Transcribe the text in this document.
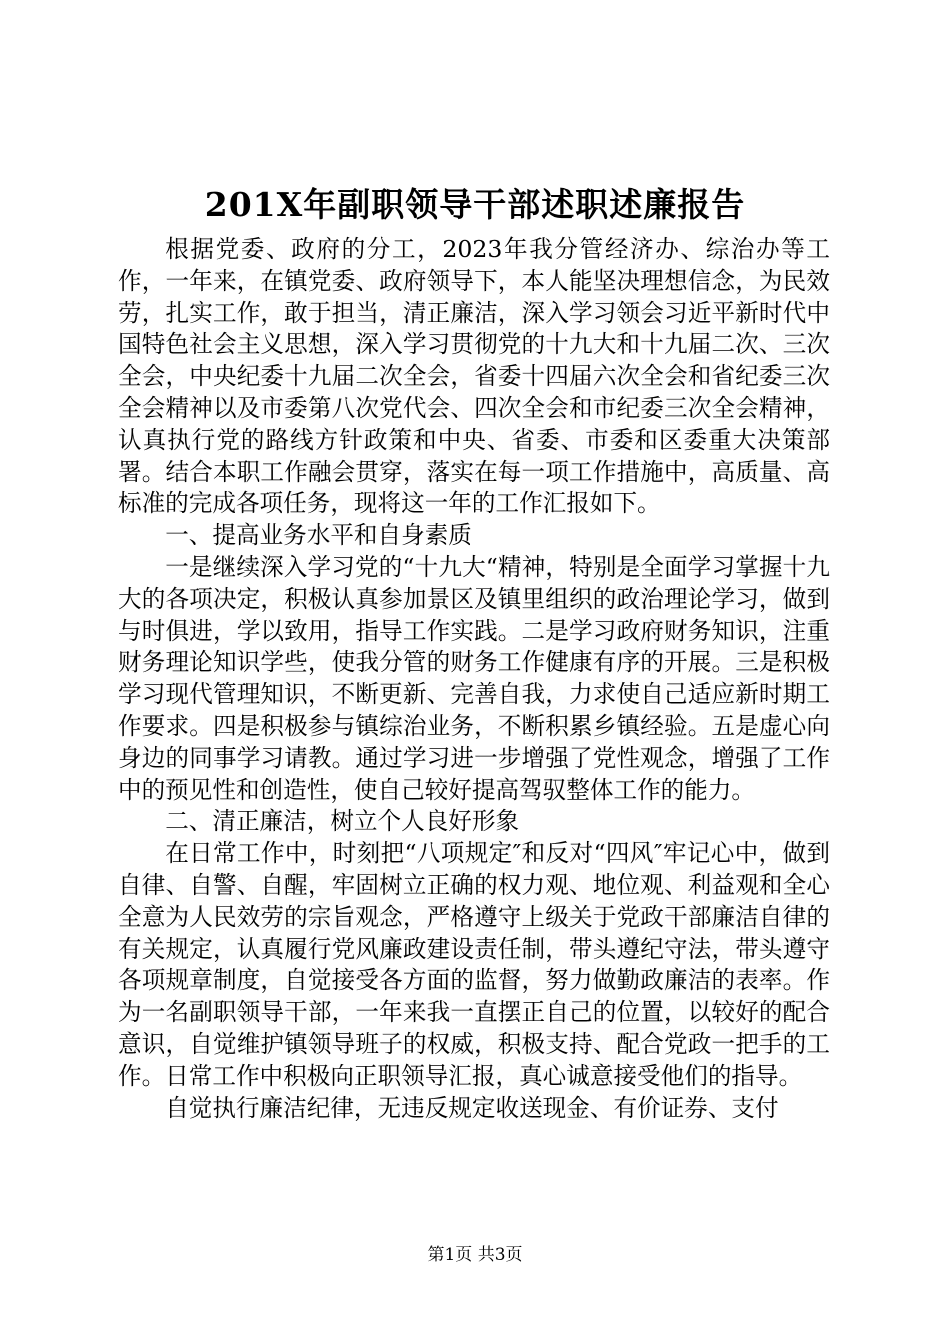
201X年副职领导干部述职述廉报告

根据党委、政府的分工，2023年我分管经济办、综治办等工作，一年来，在镇党委、政府领导下，本人能坚决理想信念，为民效劳，扎实工作，敢于担当，清正廉洁，深入学习领会习近平新时代中国特色社会主义思想，深入学习贯彻党的十九大和十九届二次、三次全会，中央纪委十九届二次全会，省委十四届六次全会和省纪委三次全会精神以及市委第八次党代会、四次全会和市纪委三次全会精神，认真执行党的路线方针政策和中央、省委、市委和区委重大决策部署。结合本职工作融会贯穿，落实在每一项工作措施中，高质量、高标准的完成各项任务，现将这一年的工作汇报如下。

一、提高业务水平和自身素质

一是继续深入学习党的“十九大“精神，特别是全面学习掌握十九大的各项决定，积极认真参加景区及镇里组织的政治理论学习，做到与时俱进，学以致用，指导工作实践。二是学习政府财务知识，注重财务理论知识学些，使我分管的财务工作健康有序的开展。三是积极学习现代管理知识，不断更新、完善自我，力求使自己适应新时期工作要求。四是积极参与镇综治业务，不断积累乡镇经验。五是虚心向身边的同事学习请教。通过学习进一步增强了党性观念，增强了工作中的预见性和创造性，使自己较好提高驾驭整体工作的能力。

二、清正廉洁，树立个人良好形象

在日常工作中，时刻把“八项规定″和反对“四风″牢记心中，做到自律、自警、自醒，牢固树立正确的权力观、地位观、利益观和全心全意为人民效劳的宗旨观念，严格遵守上级关于党政干部廉洁自律的有关规定，认真履行党风廉政建设责任制，带头遵纪守法，带头遵守各项规章制度，自觉接受各方面的监督，努力做勤政廉洁的表率。作为一名副职领导干部，一年来我一直摆正自己的位置，以较好的配合意识，自觉维护镇领导班子的权威，积极支持、配合党政一把手的工作。日常工作中积极向正职领导汇报，真心诚意接受他们的指导。

自觉执行廉洁纪律，无违反规定收送现金、有价证券、支付

第1页 共3页
